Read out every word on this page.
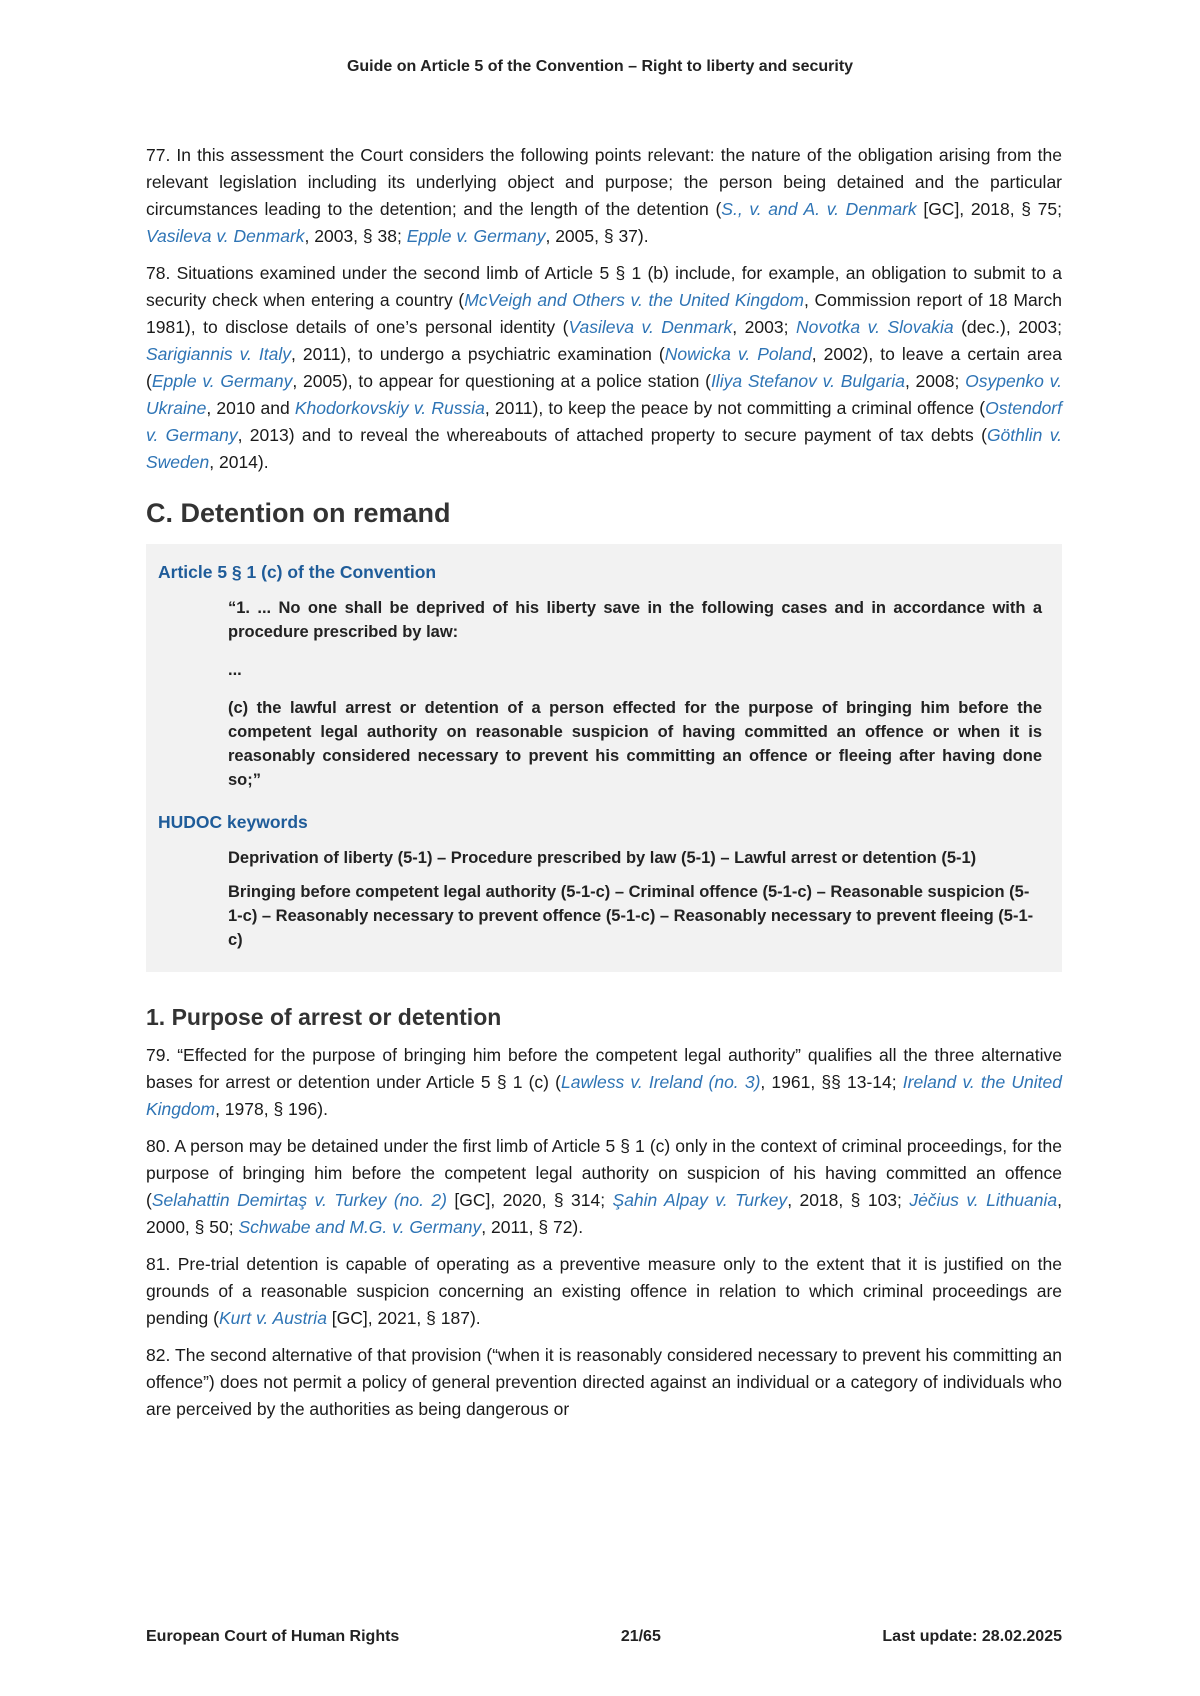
Guide on Article 5 of the Convention – Right to liberty and security

77. In this assessment the Court considers the following points relevant: the nature of the obligation arising from the relevant legislation including its underlying object and purpose; the person being detained and the particular circumstances leading to the detention; and the length of the detention (S., v. and A. v. Denmark [GC], 2018, § 75; Vasileva v. Denmark, 2003, § 38; Epple v. Germany, 2005, § 37).

78. Situations examined under the second limb of Article 5 § 1 (b) include, for example, an obligation to submit to a security check when entering a country (McVeigh and Others v. the United Kingdom, Commission report of 18 March 1981), to disclose details of one’s personal identity (Vasileva v. Denmark, 2003; Novotka v. Slovakia (dec.), 2003; Sarigiannis v. Italy, 2011), to undergo a psychiatric examination (Nowicka v. Poland, 2002), to leave a certain area (Epple v. Germany, 2005), to appear for questioning at a police station (Iliya Stefanov v. Bulgaria, 2008; Osypenko v. Ukraine, 2010 and Khodorkovskiy v. Russia, 2011), to keep the peace by not committing a criminal offence (Ostendorf v. Germany, 2013) and to reveal the whereabouts of attached property to secure payment of tax debts (Göthlin v. Sweden, 2014).

C. Detention on remand
Article 5 § 1 (c) of the Convention
“1. ... No one shall be deprived of his liberty save in the following cases and in accordance with a procedure prescribed by law:
...
(c) the lawful arrest or detention of a person effected for the purpose of bringing him before the competent legal authority on reasonable suspicion of having committed an offence or when it is reasonably considered necessary to prevent his committing an offence or fleeing after having done so;”
HUDOC keywords
Deprivation of liberty (5-1) – Procedure prescribed by law (5-1) – Lawful arrest or detention (5-1)
Bringing before competent legal authority (5-1-c) – Criminal offence (5-1-c) – Reasonable suspicion (5-1-c) – Reasonably necessary to prevent offence (5-1-c) – Reasonably necessary to prevent fleeing (5-1-c)
1. Purpose of arrest or detention

79. “Effected for the purpose of bringing him before the competent legal authority” qualifies all the three alternative bases for arrest or detention under Article 5 § 1 (c) (Lawless v. Ireland (no. 3), 1961, §§ 13-14; Ireland v. the United Kingdom, 1978, § 196).

80. A person may be detained under the first limb of Article 5 § 1 (c) only in the context of criminal proceedings, for the purpose of bringing him before the competent legal authority on suspicion of his having committed an offence (Selahattin Demirtaş v. Turkey (no. 2) [GC], 2020, § 314; Şahin Alpay v. Turkey, 2018, § 103; Jėčius v. Lithuania, 2000, § 50; Schwabe and M.G. v. Germany, 2011, § 72).

81. Pre-trial detention is capable of operating as a preventive measure only to the extent that it is justified on the grounds of a reasonable suspicion concerning an existing offence in relation to which criminal proceedings are pending (Kurt v. Austria [GC], 2021, § 187).

82. The second alternative of that provision (“when it is reasonably considered necessary to prevent his committing an offence”) does not permit a policy of general prevention directed against an individual or a category of individuals who are perceived by the authorities as being dangerous or

European Court of Human Rights	21/65	Last update: 28.02.2025
